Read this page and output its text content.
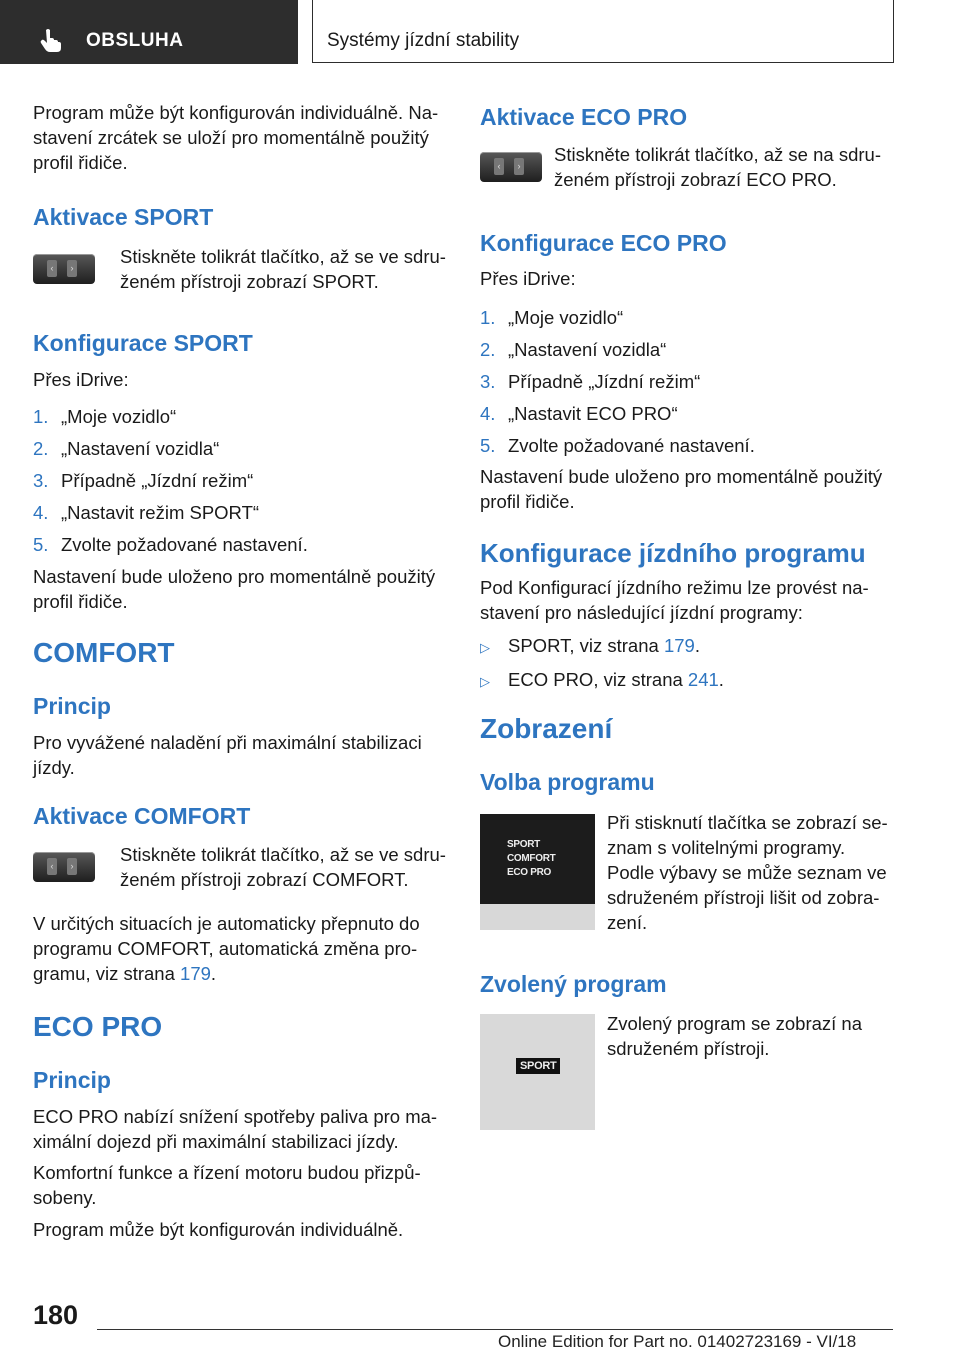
OBSLUHA	Systémy jízdní stability

Program může být konfigurován individuálně. Na-

stavení zrcátek se uloží pro momentálně použitý

profil řidiče.

Aktivace SPORT
‹	›

Stiskněte tolikrát tlačítko, až se ve sdru-

ženém přístroji zobrazí SPORT.

Konfigurace SPORT

Přes iDrive:

1. „Moje vozidlo“

2. „Nastavení vozidla“

3. Případně „Jízdní režim“

4. „Nastavit režim SPORT“

5. Zvolte požadované nastavení.

Nastavení bude uloženo pro momentálně použitý

profil řidiče.

COMFORT
Princip

Pro vyvážené naladění při maximální stabilizaci

jízdy.

Aktivace COMFORT
‹	›

Stiskněte tolikrát tlačítko, až se ve sdru-

ženém přístroji zobrazí COMFORT.

V určitých situacích je automaticky přepnuto do

programu COMFORT, automatická změna pro-

gramu, viz strana 179.

ECO PRO
Princip

ECO PRO nabízí snížení spotřeby paliva pro ma-

ximální dojezd při maximální stabilizaci jízdy.

Komfortní funkce a řízení motoru budou přizpů-

sobeny.

Program může být konfigurován individuálně.

Aktivace ECO PRO
‹	›

Stiskněte tolikrát tlačítko, až se na sdru-

ženém přístroji zobrazí ECO PRO.

Konfigurace ECO PRO

Přes iDrive:

1. „Moje vozidlo“

2. „Nastavení vozidla“

3. Případně „Jízdní režim“

4. „Nastavit ECO PRO“

5. Zvolte požadované nastavení.

Nastavení bude uloženo pro momentálně použitý

profil řidiče.

Konfigurace jízdního programu

Pod Konfigurací jízdního režimu lze provést na-

stavení pro následující jízdní programy:

▷ SPORT, viz strana 179.

▷ ECO PRO, viz strana 241.

Zobrazení
Volba programu
SPORT
COMFORT
ECO PRO

Při stisknutí tlačítka se zobrazí se-

znam s volitelnými programy.

Podle výbavy se může seznam ve

sdruženém přístroji lišit od zobra-

zení.

Zvolený program
SPORT

Zvolený program se zobrazí na

sdruženém přístroji.

180
Online Edition for Part no. 01402723169 - VI/18
